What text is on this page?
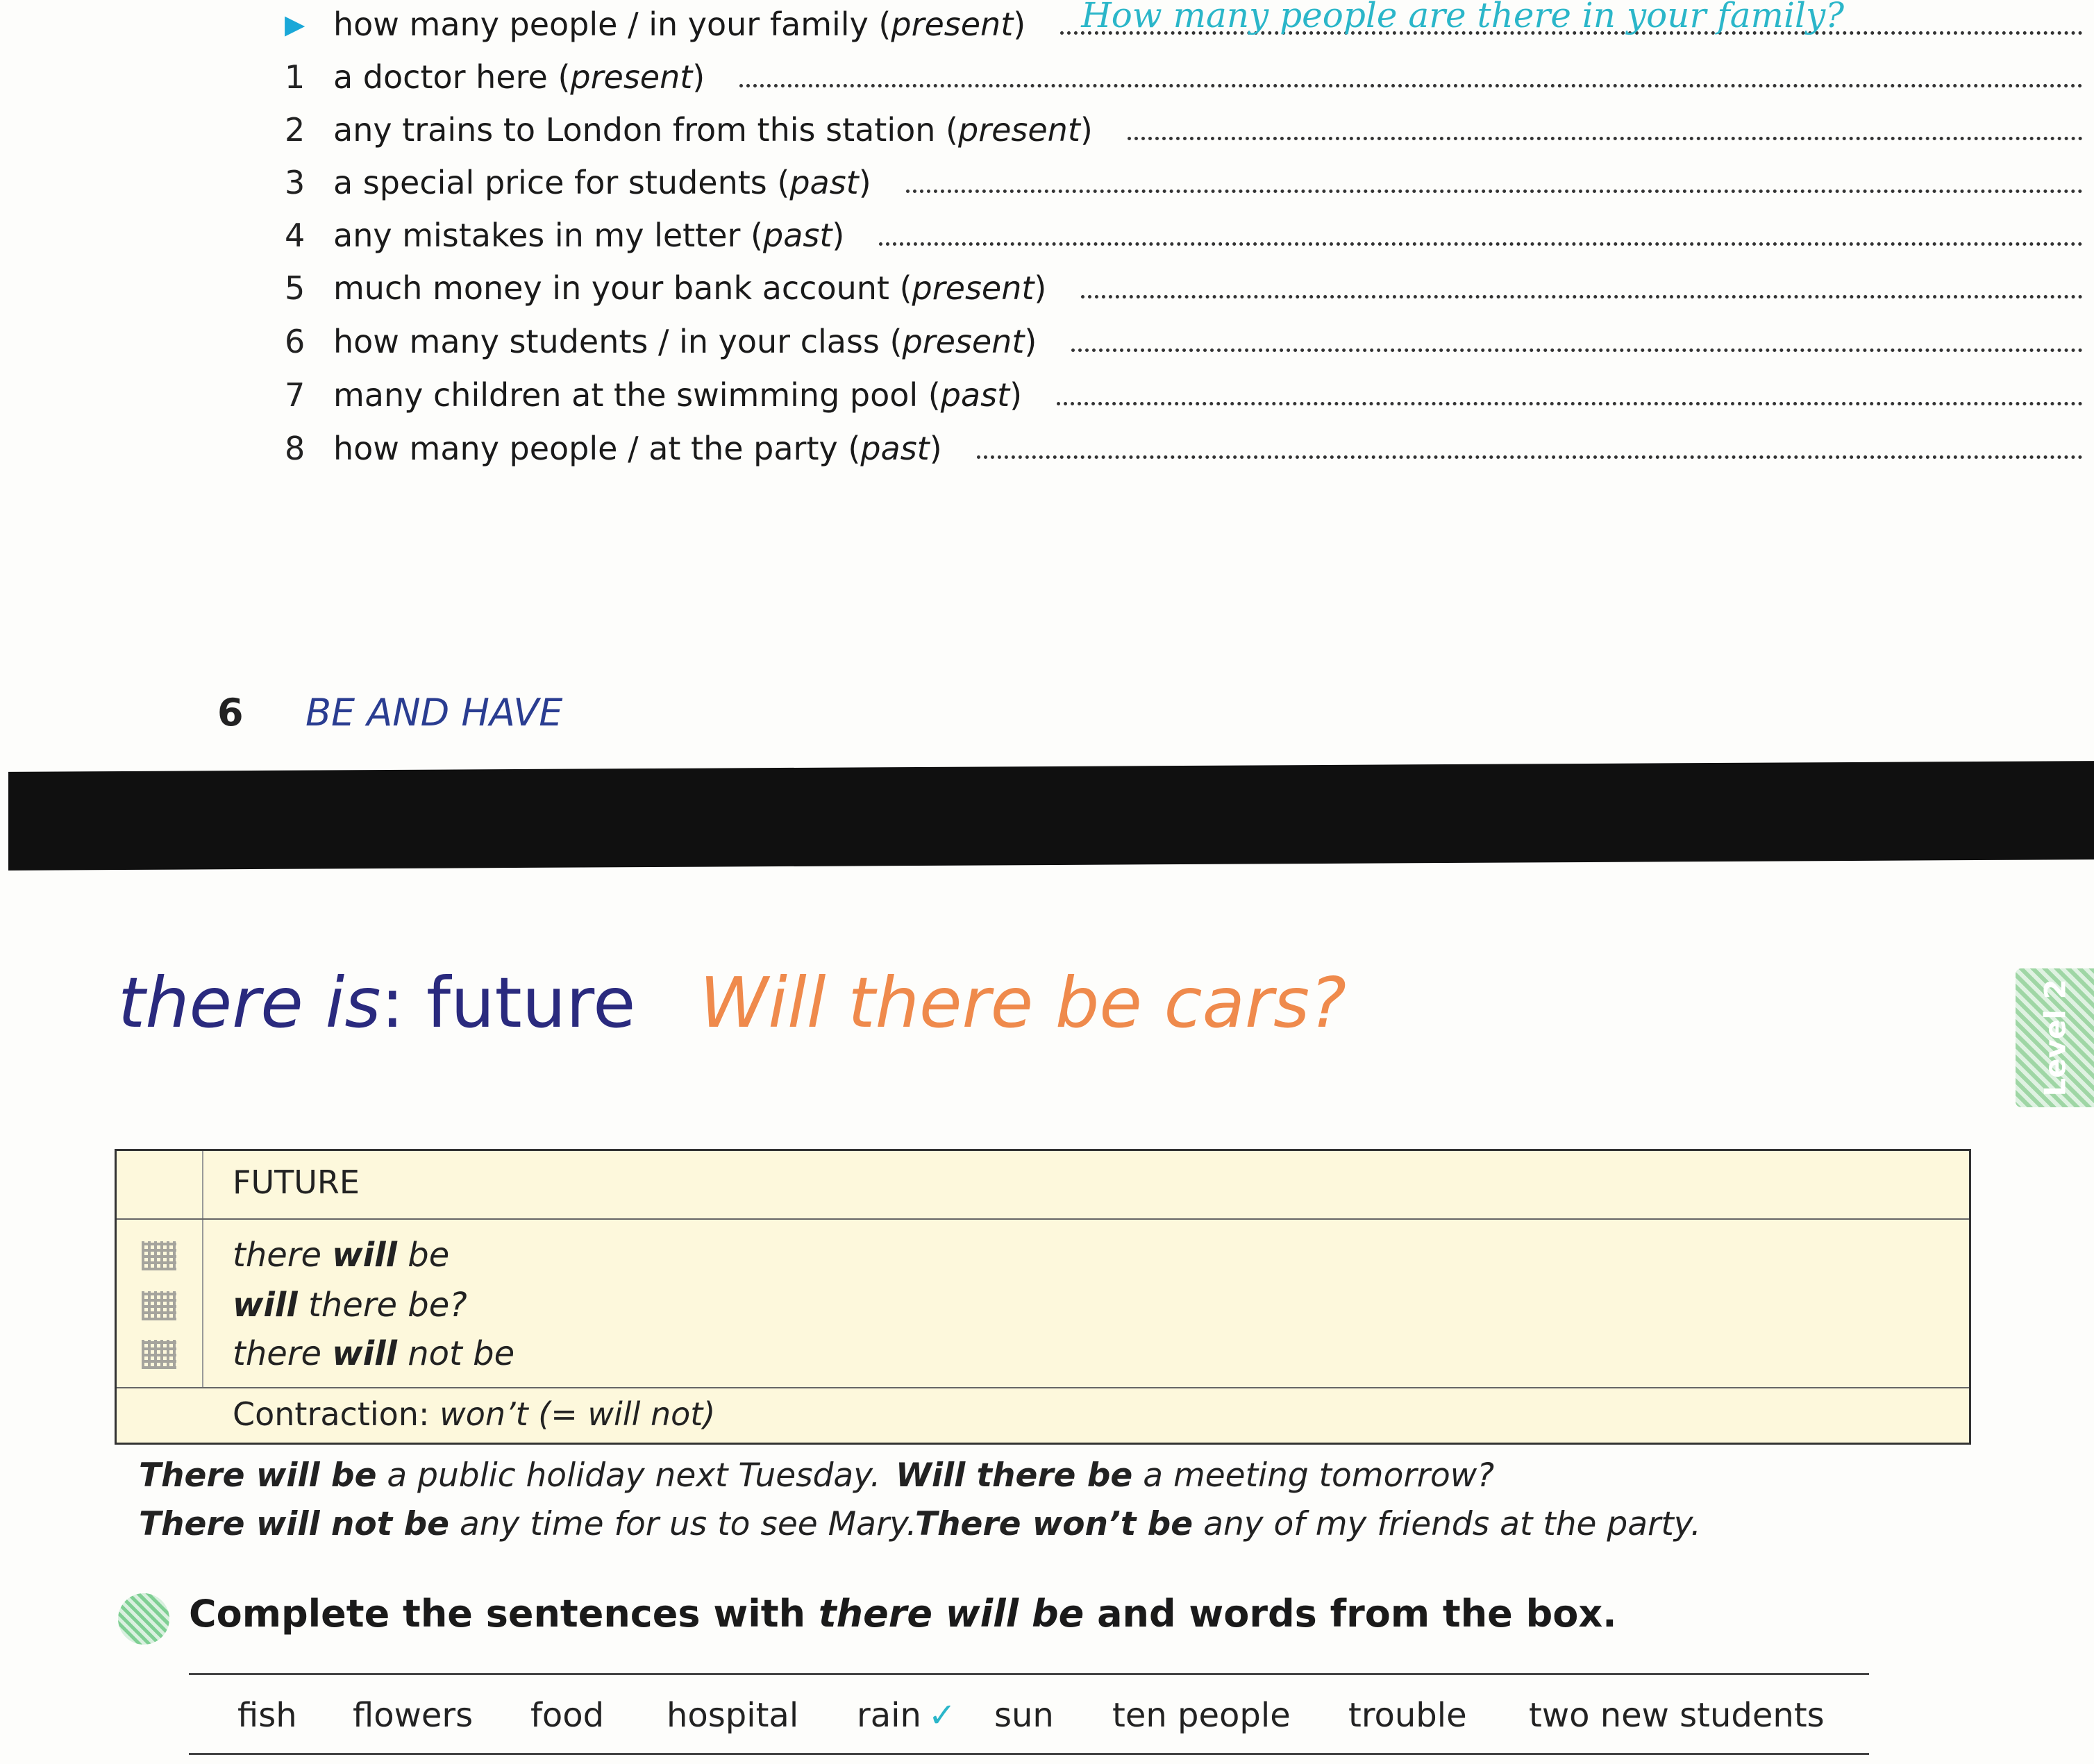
▶ how many people / in your family (present) How many people are there in your family?
1 a doctor here (present)
2 any trains to London from this station (present)
3 a special price for students (past)
4 any mistakes in my letter (past)
5 much money in your bank account (present)
6 how many students / in your class (present)
7 many children at the swimming pool (past)
8 how many people / at the party (past)
6 BE AND HAVE
there is: future Will there be cars?	Level 2
FUTURE
there will be
will there be?
there will not be
Contraction: won’t (= will not)
There will be a public holiday next Tuesday. Will there be a meeting tomorrow?
There will not be any time for us to see Mary.
There won’t be any of my friends at the party.
Complete the sentences with there will be and words from the box.
fish flowers food hospital rain ✓ sun ten people trouble two new students
